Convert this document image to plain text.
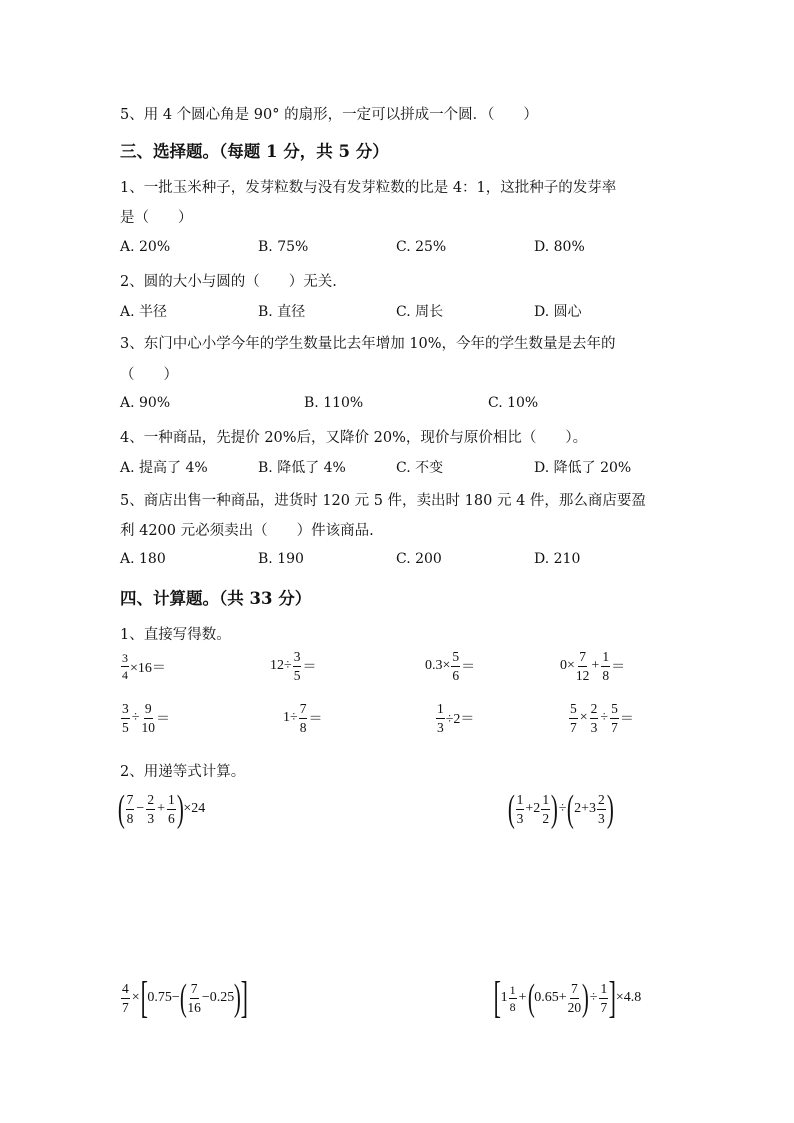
5、用 4 个圆心角是 90° 的扇形，一定可以拼成一个圆．（　　）
三、选择题。（每题 1 分，共 5 分）
1、一批玉米种子，发芽粒数与没有发芽粒数的比是 4：1，这批种子的发芽率
是（　　）
A. 20%	B. 75%	C. 25%	D. 80%
2、圆的大小与圆的（　　）无关.
A. 半径	B. 直径	C. 周长	D. 圆心
3、东门中心小学今年的学生数量比去年增加 10%，今年的学生数量是去年的
（　　）
A. 90%	B. 110%	C. 10%
4、一种商品，先提价 20%后，又降价 20%，现价与原价相比（　　）。
A. 提高了 4%	B. 降低了 4%	C. 不变	D. 降低了 20%
5、商店出售一种商品，进货时 120 元 5 件，卖出时 180 元 4 件，那么商店要盈
利 4200 元必须卖出（　　）件该商品.
A. 180	B. 190	C. 200	D. 210
四、计算题。（共 33 分）
1、直接写得数。
$\frac{3}{4} \times 16=$	$12\div \frac{3}{5}$ ＝	$0.3\times \frac{5}{6}$ ＝	$0\times \frac{7}{12} + \frac{1}{8}$ ＝
$\frac{3}{5} \div \frac{9}{10}$ ＝	$1\div \frac{7}{8}$ ＝	$\frac{1}{3} \div 2=$	$\frac{5}{7} \times \frac{2}{3} \div \frac{5}{7}$ ＝
2、用递等式计算。
( $\frac{7}{8} - \frac{2}{3} + \frac{1}{6}$ ) ×24	( $\frac{1}{3} +2 \frac{1}{2}$ ) ÷ ( $2+3 \frac{2}{3}$ )
$\frac{4}{7}$ × [ 0.75− ( $\frac{7}{16} -0.25$ ) ]	[ $1 \frac{1}{8}$ + ( $0.65+ \frac{7}{20}$ ) ÷ $\frac{1}{7}$ ] ×4.8
